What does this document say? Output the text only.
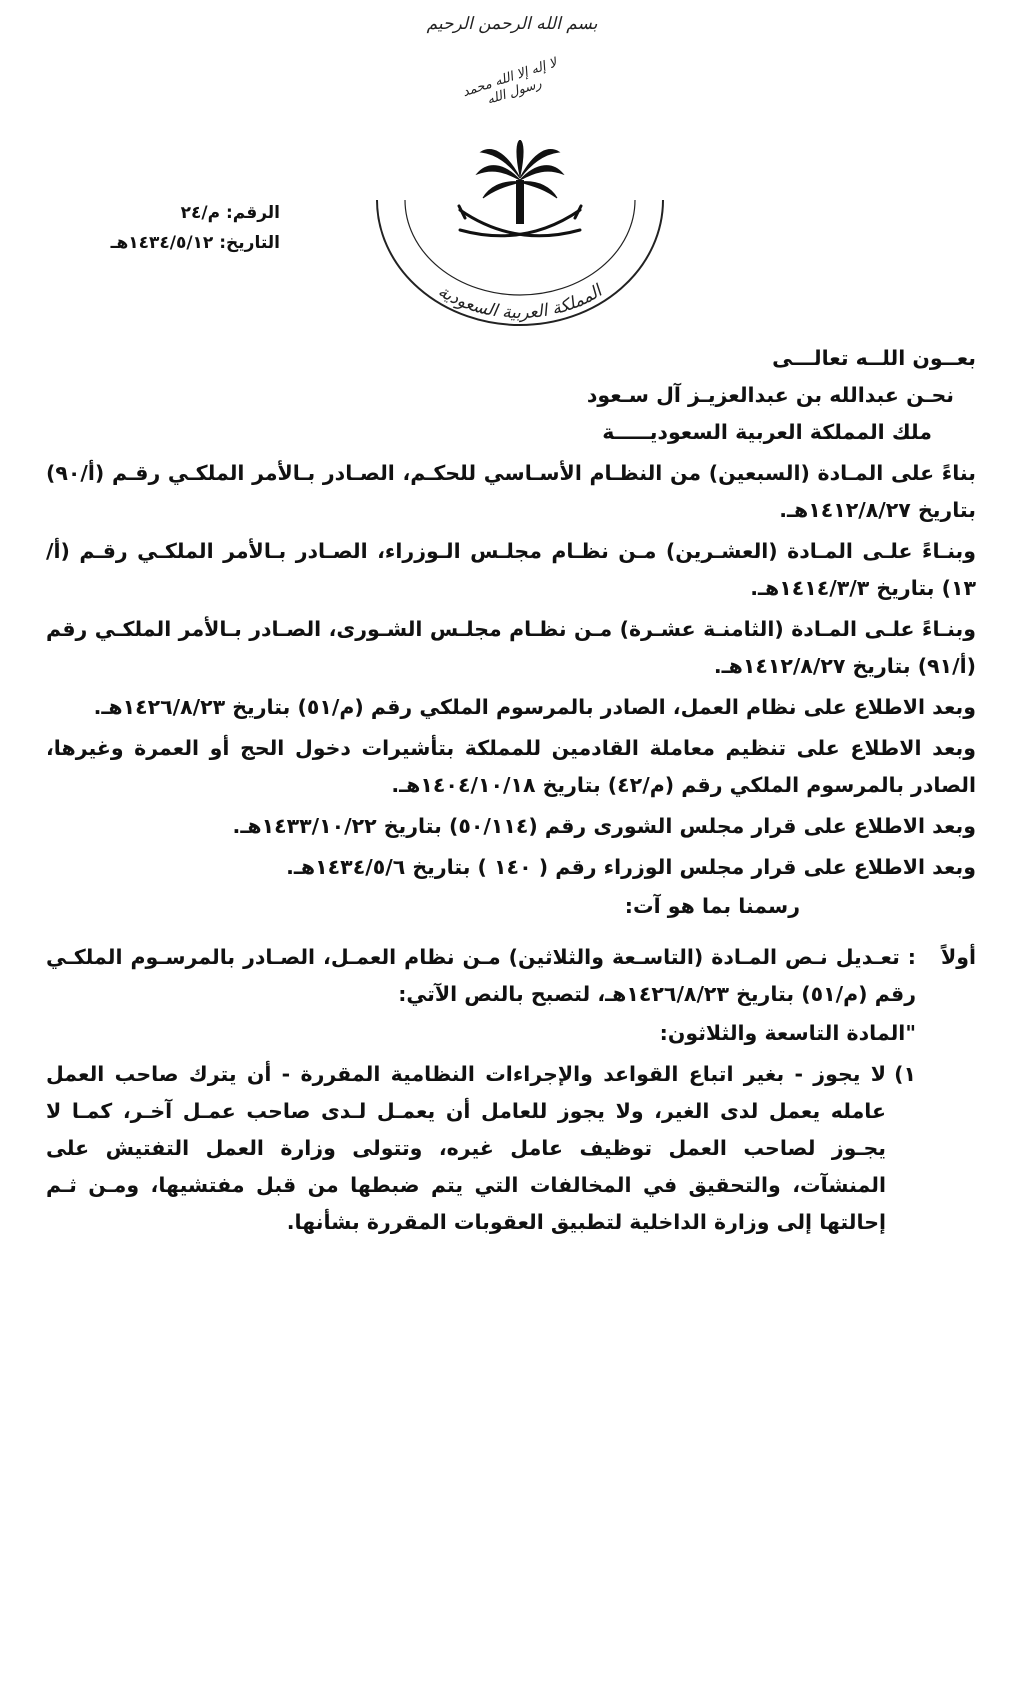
بسم الله الرحمن الرحيم
لا إله إلا الله محمد رسول الله
المملكة العربية السعودية
الرقم: م/٢٤
التاريخ: ١٤٣٤/٥/١٢هـ

بعــون اللــه تعالـــى

نحـن عبدالله بن عبدالعزيـز آل سـعود

ملك المملكة العربية السعوديـــــة

بناءً على المـادة (السبعين) من النظـام الأسـاسي للحكـم، الصـادر بـالأمر الملكـي رقـم (أ/٩٠) بتاريخ ١٤١٢/٨/٢٧هـ.

وبنـاءً علـى المـادة (العشـرين) مـن نظـام مجلـس الـوزراء، الصـادر بـالأمر الملكـي رقـم (أ/١٣) بتاريخ ١٤١٤/٣/٣هـ.

وبنـاءً علـى المـادة (الثامنـة عشـرة) مـن نظـام مجلـس الشـورى، الصـادر بـالأمر الملكـي رقم (أ/٩١) بتاريخ ١٤١٢/٨/٢٧هـ.

وبعد الاطلاع على نظام العمل، الصادر بالمرسوم الملكي رقم (م/٥١) بتاريخ ١٤٢٦/٨/٢٣هـ.

وبعد الاطلاع على تنظيم معاملة القادمين للمملكة بتأشيرات دخول الحج أو العمرة وغيرها، الصادر بالمرسوم الملكي رقم (م/٤٢) بتاريخ ١٤٠٤/١٠/١٨هـ.

وبعد الاطلاع على قرار مجلس الشورى رقم (٥٠/١١٤) بتاريخ ١٤٣٣/١٠/٢٢هـ.

وبعد الاطلاع على قرار مجلس الوزراء رقم ( ١٤٠ ) بتاريخ ١٤٣٤/٥/٦هـ.

رسمنا بما هو آت:

أولاً
: تعـديل نـص المـادة (التاسـعة والثلاثين) مـن نظام العمـل، الصـادر بالمرسـوم الملكـي رقم (م/٥١) بتاريخ ١٤٢٦/٨/٢٣هـ، لتصبح بالنص الآتي:
"المادة التاسعة والثلاثون:
١)
لا يجوز - بغير اتباع القواعد والإجراءات النظامية المقررة - أن يترك صاحب العمل عامله يعمل لدى الغير، ولا يجوز للعامل أن يعمـل لـدى صاحب عمـل آخـر، كمـا لا يجـوز لصاحب العمل توظيف عامل غيره، وتتولى وزارة العمل التفتيش على المنشآت، والتحقيق في المخالفات التي يتم ضبطها من قبل مفتشيها، ومـن ثـم إحالتها إلى وزارة الداخلية لتطبيق العقوبات المقررة بشأنها.
